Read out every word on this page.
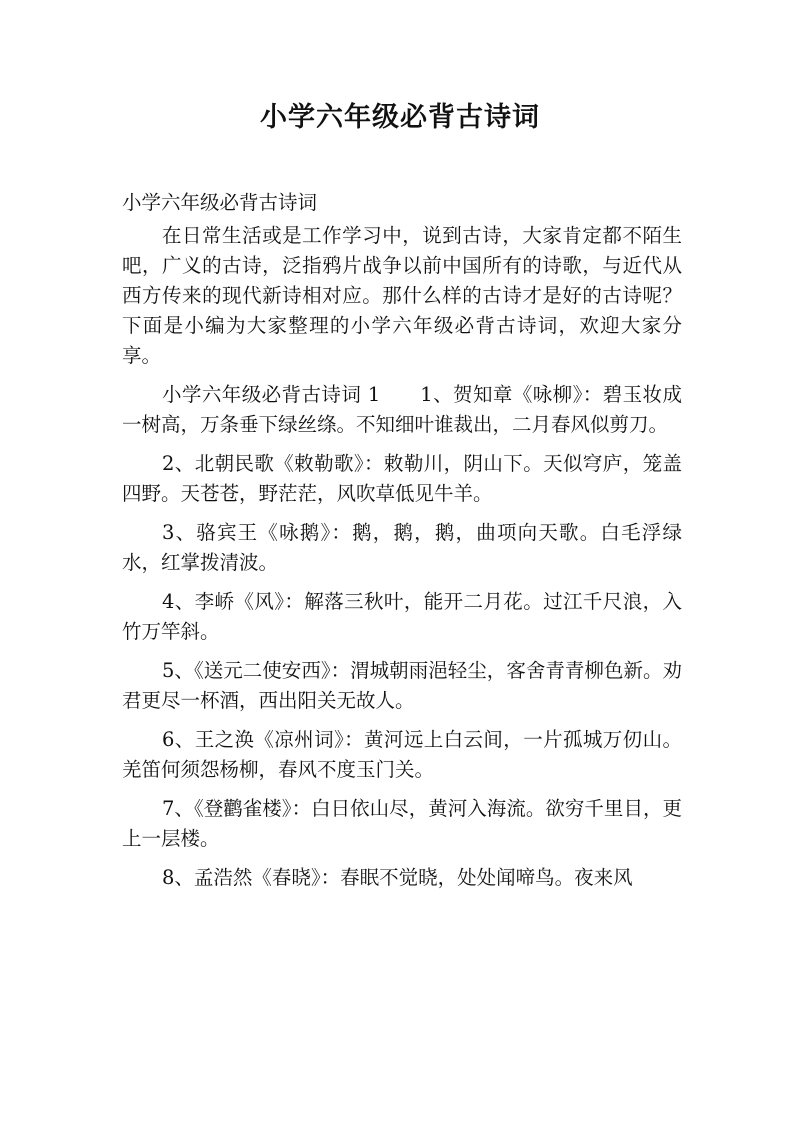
小学六年级必背古诗词

小学六年级必背古诗词

在日常生活或是工作学习中，说到古诗，大家肯定都不陌生吧，广义的古诗，泛指鸦片战争以前中国所有的诗歌，与近代从西方传来的现代新诗相对应。那什么样的古诗才是好的古诗呢？下面是小编为大家整理的小学六年级必背古诗词，欢迎大家分享。

小学六年级必背古诗词 1 1、贺知章《咏柳》：碧玉妆成一树高，万条垂下绿丝绦。不知细叶谁裁出，二月春风似剪刀。

2、北朝民歌《敕勒歌》：敕勒川，阴山下。天似穹庐，笼盖四野。天苍苍，野茫茫，风吹草低见牛羊。

3、骆宾王《咏鹅》：鹅，鹅，鹅，曲项向天歌。白毛浮绿水，红掌拨清波。

4、李峤《风》：解落三秋叶，能开二月花。过江千尺浪，入竹万竿斜。

5、《送元二使安西》：渭城朝雨浥轻尘，客舍青青柳色新。劝君更尽一杯酒，西出阳关无故人。

6、王之涣《凉州词》：黄河远上白云间，一片孤城万仞山。羌笛何须怨杨柳，春风不度玉门关。

7、《登鹳雀楼》：白日依山尽，黄河入海流。欲穷千里目，更上一层楼。

8、孟浩然《春晓》：春眠不觉晓，处处闻啼鸟。夜来风
